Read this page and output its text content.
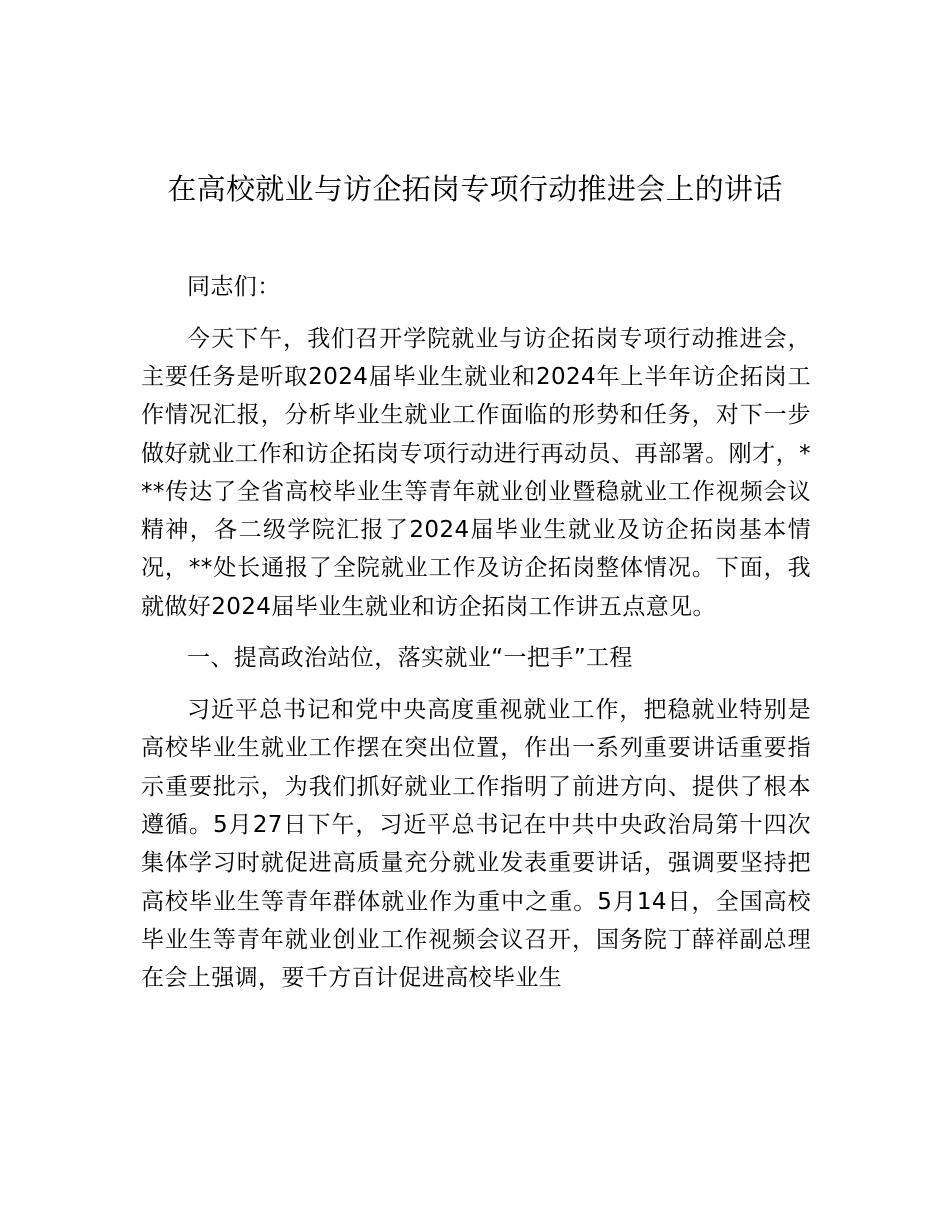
在高校就业与访企拓岗专项行动推进会上的讲话

同志们：

今天下午，我们召开学院就业与访企拓岗专项行动推进会，主要任务是听取2024届毕业生就业和2024年上半年访企拓岗工作情况汇报，分析毕业生就业工作面临的形势和任务，对下一步做好就业工作和访企拓岗专项行动进行再动员、再部署。刚才，***传达了全省高校毕业生等青年就业创业暨稳就业工作视频会议精神，各二级学院汇报了2024届毕业生就业及访企拓岗基本情况，**处长通报了全院就业工作及访企拓岗整体情况。下面，我就做好2024届毕业生就业和访企拓岗工作讲五点意见。

一、提高政治站位，落实就业“一把手”工程

习近平总书记和党中央高度重视就业工作，把稳就业特别是高校毕业生就业工作摆在突出位置，作出一系列重要讲话重要指示重要批示，为我们抓好就业工作指明了前进方向、提供了根本遵循。5月27日下午，习近平总书记在中共中央政治局第十四次集体学习时就促进高质量充分就业发表重要讲话，强调要坚持把高校毕业生等青年群体就业作为重中之重。5月14日，全国高校毕业生等青年就业创业工作视频会议召开，国务院丁薛祥副总理在会上强调，要千方百计促进高校毕业生
